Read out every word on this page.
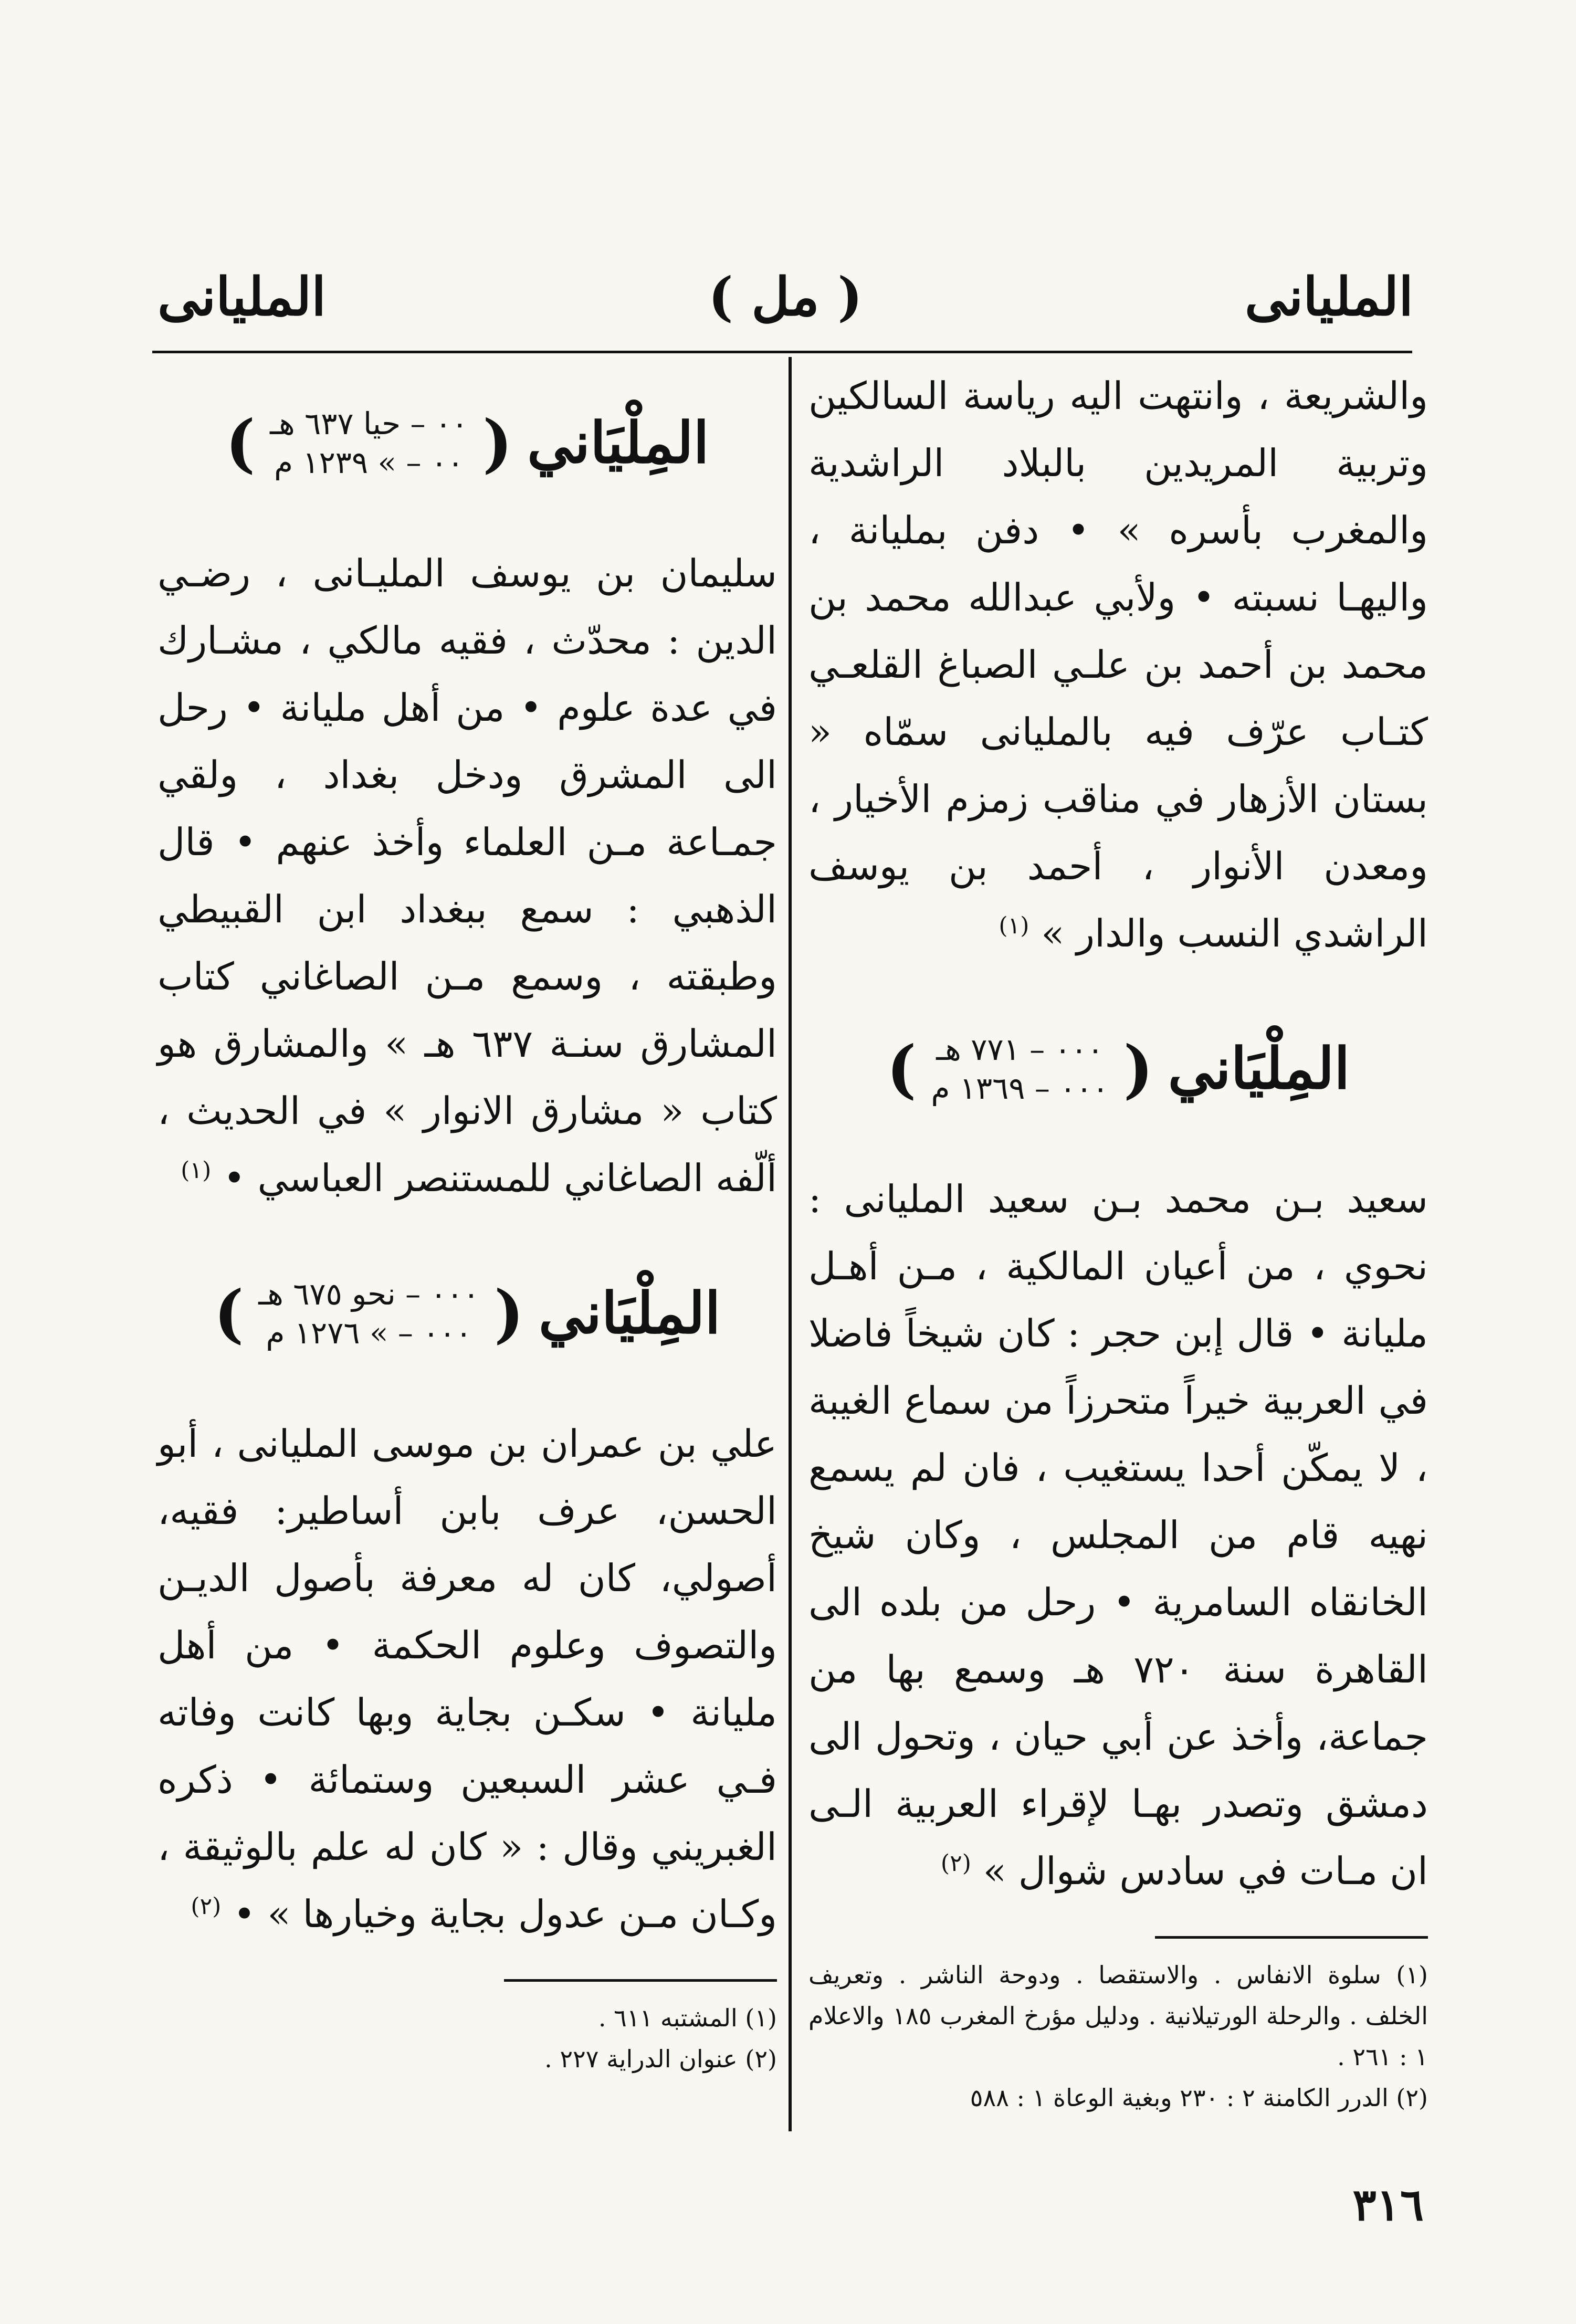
المليانى
( مل )
المليانى

والشريعة ، وانتهت اليه رياسة السالكين وتربية المريدين بالبلاد الراشدية والمغرب بأسره » • دفن بمليانة ، واليهـا نسبته • ولأبي عبدالله محمد بن محمد بن أحمد بن علـي الصباغ القلعـي كتـاب عرّف فيه بالمليانى سمّاه « بستان الأزهار في مناقب زمزم الأخيار ، ومعدن الأنوار ، أحمد بن يوسف الراشدي النسب والدار » $^{(١)}$

المِلْيَاني
(
٠٠٠ – ٧٧١ هـ
٠٠٠ – ١٣٦٩ م
)

سعيد بـن محمد بـن سعيد المليانى : نحوي ، من أعيان المالكية ، مـن أهـل مليانة • قال إبن حجر : كان شيخاً فاضلا في العربية خيراً متحرزاً من سماع الغيبة ، لا يمكّن أحدا يستغيب ، فان لم يسمع نهيه قام من المجلس ، وكان شيخ الخانقاه السامرية • رحل من بلده الى القاهرة سنة ٧٢٠ هـ وسمع بها من جماعة، وأخذ عن أبي حيان ، وتحول الى دمشق وتصدر بهـا لإقراء العربية الـى ان مـات في سادس شوال » $^{(٢)}$

(١) سلوة الانفاس . والاستقصا . ودوحة الناشر . وتعريف الخلف . والرحلة الورتيلانية . ودليل مؤرخ المغرب ١٨٥ والاعلام ١ : ٢٦١ .

(٢) الدرر الكامنة ٢ : ٢٣٠ وبغية الوعاة ١ : ٥٨٨

المِلْيَاني
(
٠٠ – حيا ٦٣٧ هـ
٠٠ – » ١٢٣٩ م
)

سليمان بن يوسف المليـانى ، رضـي الدين : محدّث ، فقيه مالكي ، مشـارك في عدة علوم • من أهل مليانة • رحل الى المشرق ودخل بغداد ، ولقي جمـاعة مـن العلماء وأخذ عنهم • قال الذهبي : سمع ببغداد ابن القبيطي وطبقته ، وسمع مـن الصاغاني كتاب المشارق سنـة ٦٣٧ هـ » والمشارق هو كتاب « مشارق الانوار » في الحديث ، ألّفه الصاغاني للمستنصر العباسي • $^{(١)}$

المِلْيَاني
(
٠٠٠ – نحو ٦٧٥ هـ
٠٠٠ – » ١٢٧٦ م
)

علي بن عمران بن موسى المليانى ، أبو الحسن، عرف بابن أساطير: فقيه، أصولي، كان له معرفة بأصول الديـن والتصوف وعلوم الحكمة • من أهل مليانة • سكـن بجاية وبها كانت وفاته فـي عشر السبعين وستمائة • ذكره الغبريني وقال : « كان له علم بالوثيقة ، وكـان مـن عدول بجاية وخيارها » • $^{(٢)}$

(١) المشتبه ٦١١ .

(٢) عنوان الدراية ٢٢٧ .

٣١٦
